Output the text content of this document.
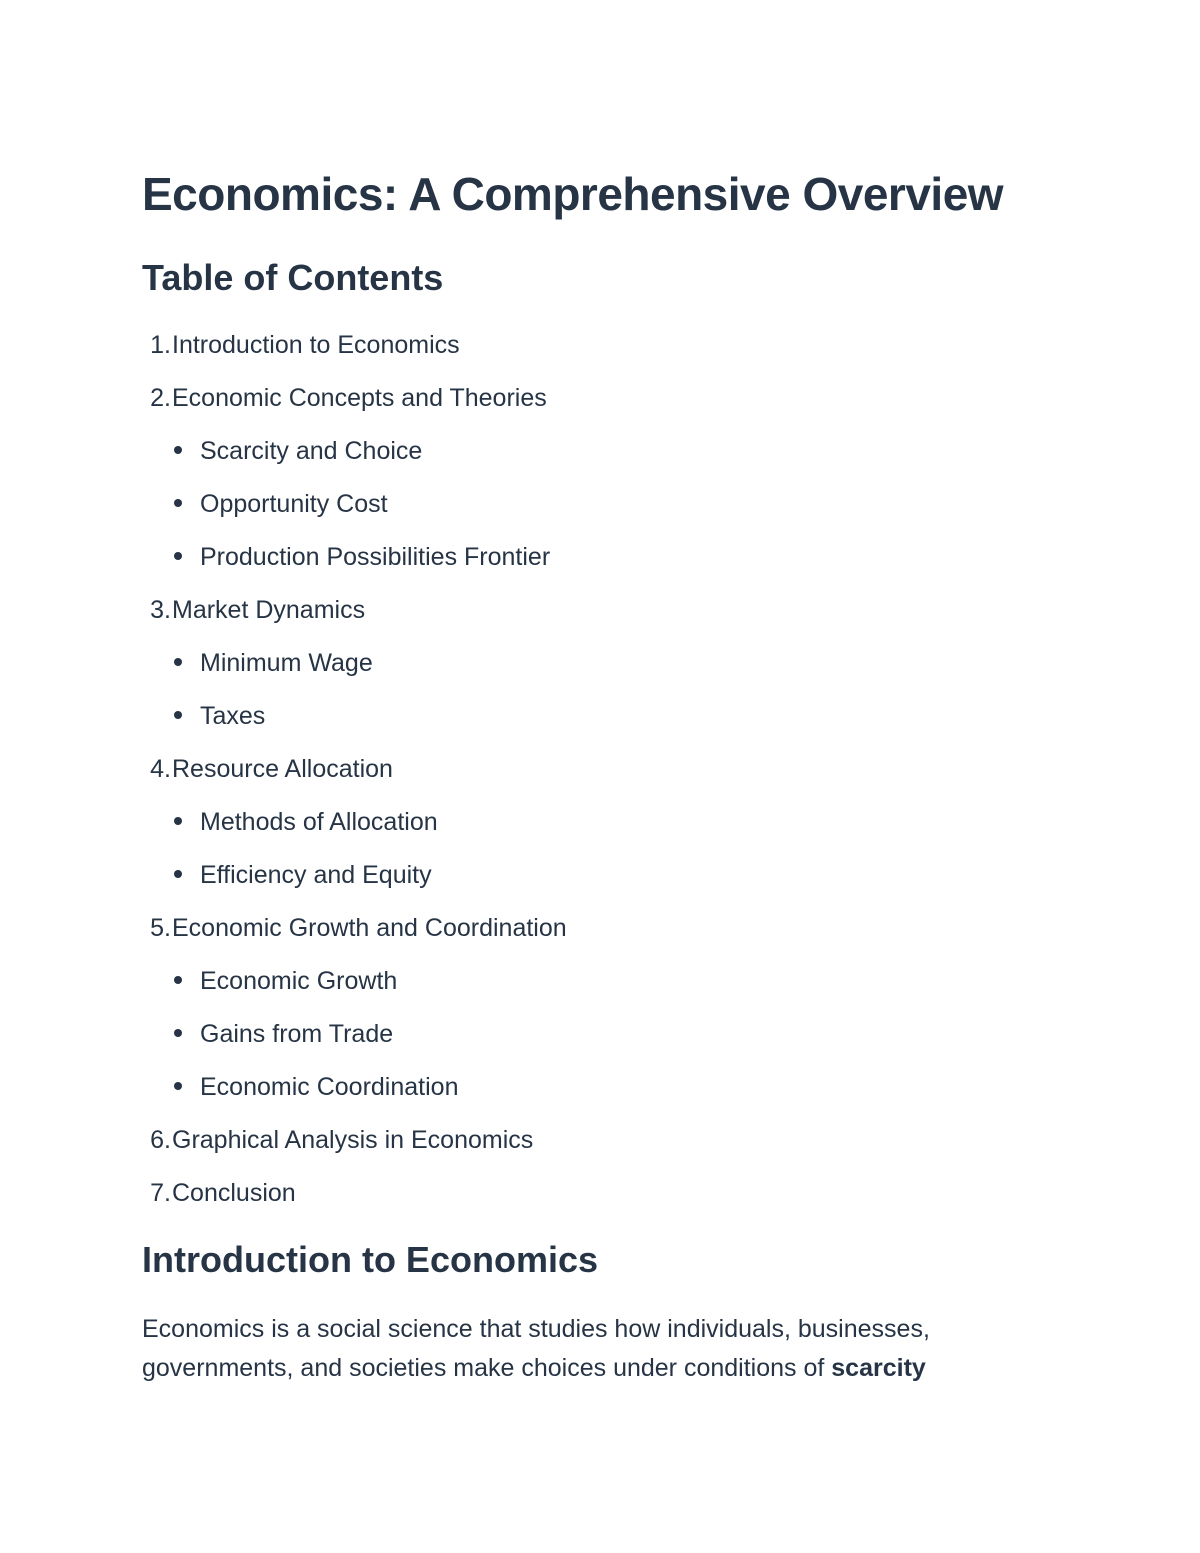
Economics: A Comprehensive Overview
Table of Contents
1.Introduction to Economics
2.Economic Concepts and Theories
Scarcity and Choice
Opportunity Cost
Production Possibilities Frontier
3.Market Dynamics
Minimum Wage
Taxes
4.Resource Allocation
Methods of Allocation
Efficiency and Equity
5.Economic Growth and Coordination
Economic Growth
Gains from Trade
Economic Coordination
6.Graphical Analysis in Economics
7.Conclusion
Introduction to Economics

Economics is a social science that studies how individuals, businesses, governments, and societies make choices under conditions of scarcity
